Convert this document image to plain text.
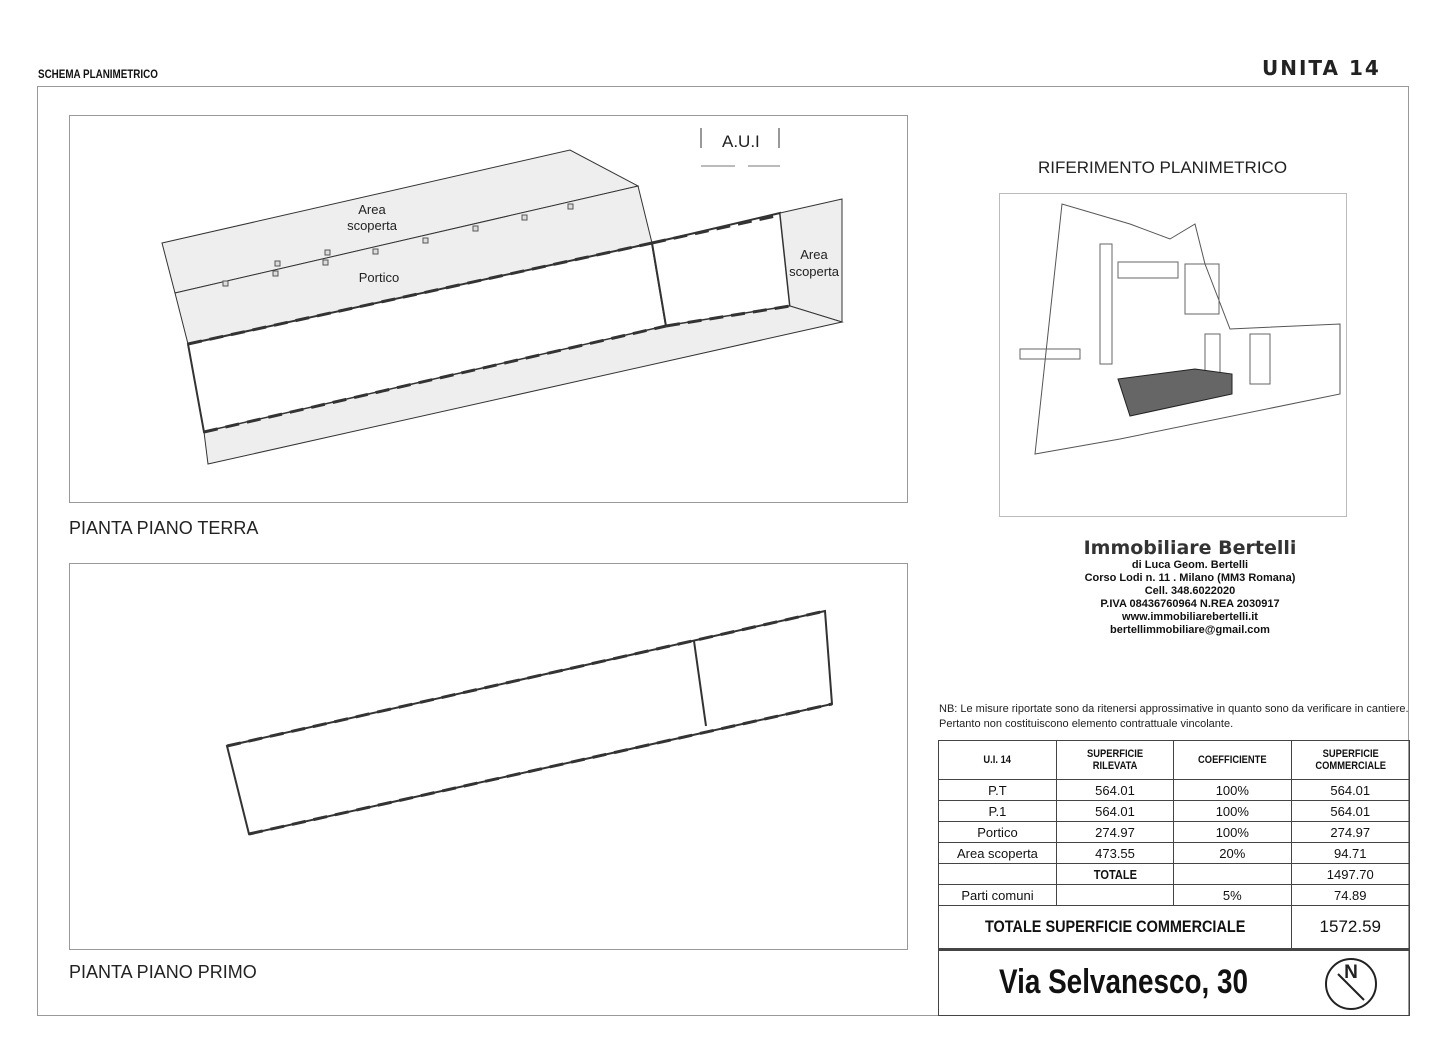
SCHEMA PLANIMETRICO	UNITA 14
A.U.I
Area
scoperta
Portico
Area
scoperta
PIANTA PIANO TERRA
PIANTA PIANO PRIMO
RIFERIMENTO PLANIMETRICO
Immobiliare Bertelli
di Luca Geom. Bertelli
Corso Lodi n. 11 . Milano (MM3 Romana)
Cell. 348.6022020
P.IVA 08436760964 N.REA 2030917
www.immobiliarebertelli.it
bertellimmobiliare@gmail.com
NB: Le misure riportate sono da ritenersi approssimative in quanto sono da verificare in cantiere. Pertanto non costituiscono elemento contrattuale vincolante.
U.I. 14	SUPERFICIE RILEVATA	COEFFICIENTE	SUPERFICIE COMMERCIALE
P.T	564.01	100%	564.01
P.1	564.01	100%	564.01
Portico	274.97	100%	274.97
Area scoperta	473.55	20%	94.71
	TOTALE		1497.70
Parti comuni		5%	74.89
TOTALE SUPERFICIE COMMERCIALE			1572.59
Via Selvanesco, 30	N
